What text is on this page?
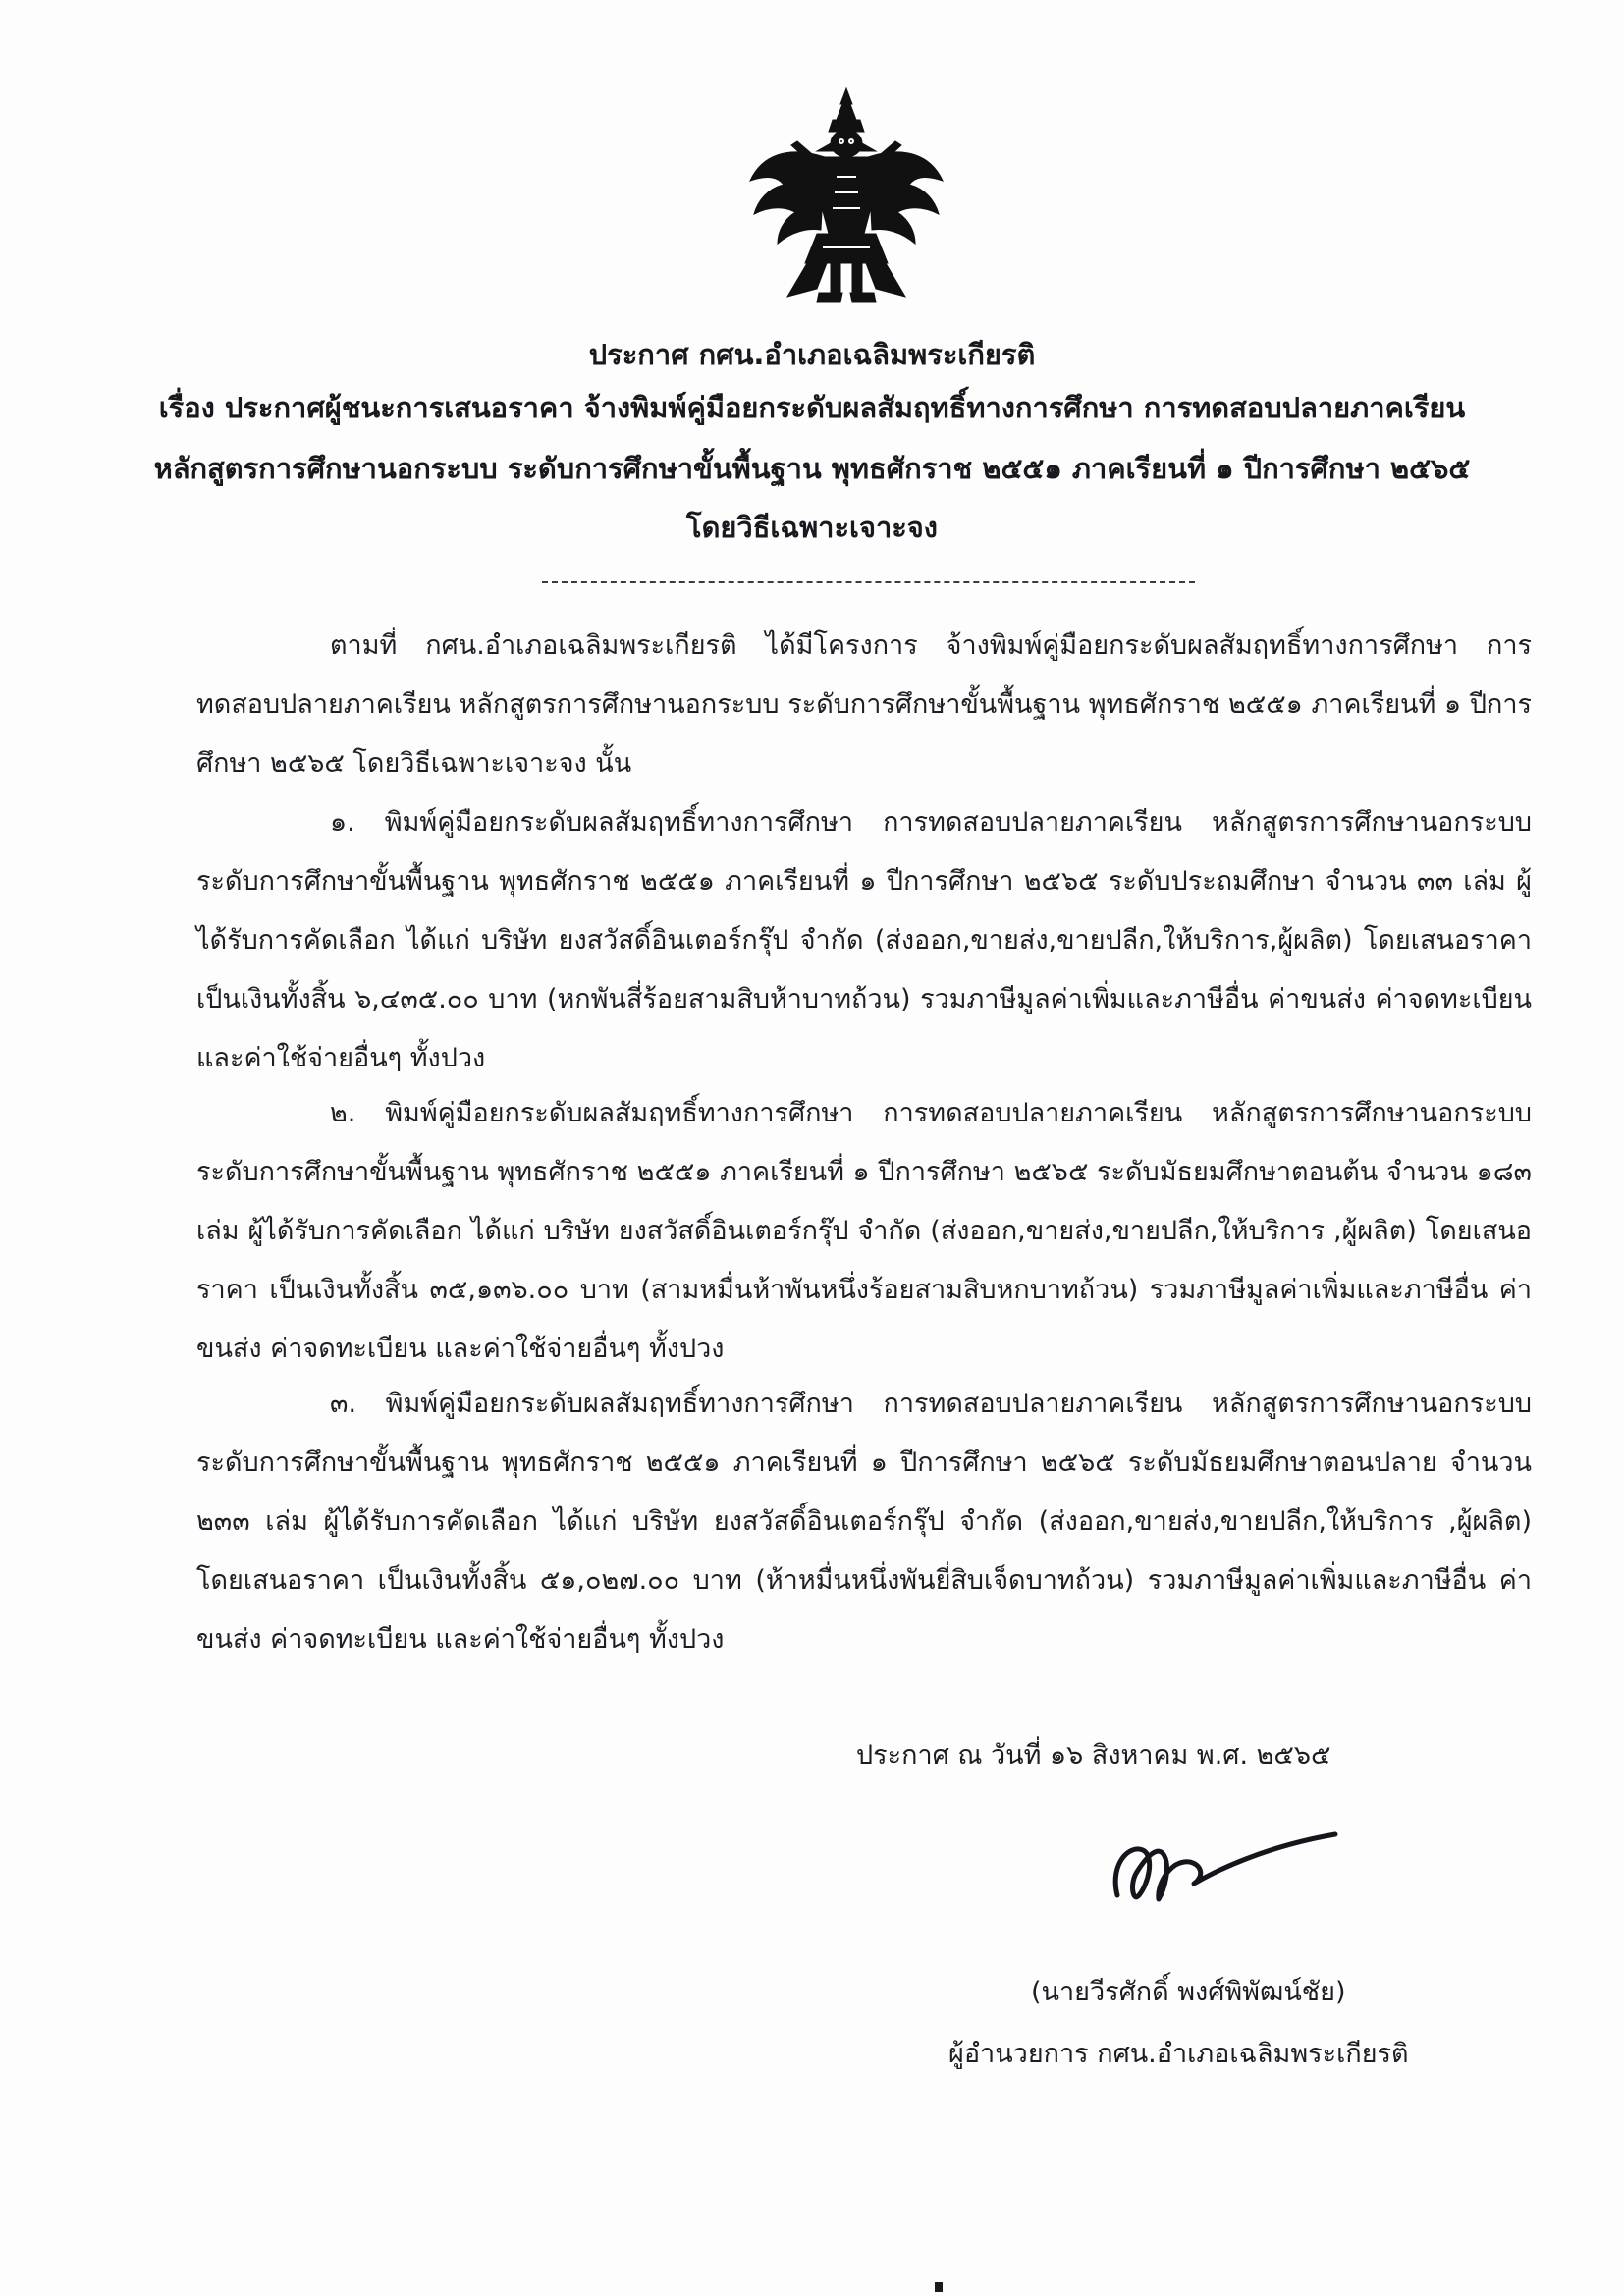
ประกาศ กศน.อำเภอเฉลิมพระเกียรติ
เรื่อง ประกาศผู้ชนะการเสนอราคา จ้างพิมพ์คู่มือยกระดับผลสัมฤทธิ์ทางการศึกษา การทดสอบปลายภาคเรียน
หลักสูตรการศึกษานอกระบบ ระดับการศึกษาขั้นพื้นฐาน พุทธศักราช ๒๕๕๑ ภาคเรียนที่ ๑ ปีการศึกษา ๒๕๖๕
โดยวิธีเฉพาะเจาะจง

ตามที่ กศน.อำเภอเฉลิมพระเกียรติ ได้มีโครงการ จ้างพิมพ์คู่มือยกระดับผลสัมฤทธิ์ทางการศึกษา การทดสอบปลายภาคเรียน หลักสูตรการศึกษานอกระบบ ระดับการศึกษาขั้นพื้นฐาน พุทธศักราช ๒๕๕๑ ภาคเรียนที่ ๑ ปีการศึกษา ๒๕๖๕ โดยวิธีเฉพาะเจาะจง นั้น

๑. พิมพ์คู่มือยกระดับผลสัมฤทธิ์ทางการศึกษา การทดสอบปลายภาคเรียน หลักสูตรการศึกษานอกระบบ ระดับการศึกษาขั้นพื้นฐาน พุทธศักราช ๒๕๕๑ ภาคเรียนที่ ๑ ปีการศึกษา ๒๕๖๕ ระดับประถมศึกษา จำนวน ๓๓ เล่ม ผู้ได้รับการคัดเลือก ได้แก่ บริษัท ยงสวัสดิ์อินเตอร์กรุ๊ป จำกัด (ส่งออก,ขายส่ง,ขายปลีก,ให้บริการ,ผู้ผลิต) โดยเสนอราคา เป็นเงินทั้งสิ้น ๖,๔๓๕.๐๐ บาท (หกพันสี่ร้อยสามสิบห้าบาทถ้วน) รวมภาษีมูลค่าเพิ่มและภาษีอื่น ค่าขนส่ง ค่าจดทะเบียน และค่าใช้จ่ายอื่นๆ ทั้งปวง

๒. พิมพ์คู่มือยกระดับผลสัมฤทธิ์ทางการศึกษา การทดสอบปลายภาคเรียน หลักสูตรการศึกษานอกระบบ ระดับการศึกษาขั้นพื้นฐาน พุทธศักราช ๒๕๕๑ ภาคเรียนที่ ๑ ปีการศึกษา ๒๕๖๕ ระดับมัธยมศึกษาตอนต้น จำนวน ๑๘๓ เล่ม ผู้ได้รับการคัดเลือก ได้แก่ บริษัท ยงสวัสดิ์อินเตอร์กรุ๊ป จำกัด (ส่งออก,ขายส่ง,ขายปลีก,ให้บริการ ,ผู้ผลิต) โดยเสนอราคา เป็นเงินทั้งสิ้น ๓๕,๑๓๖.๐๐ บาท (สามหมื่นห้าพันหนึ่งร้อยสามสิบหกบาทถ้วน) รวมภาษีมูลค่าเพิ่มและภาษีอื่น ค่าขนส่ง ค่าจดทะเบียน และค่าใช้จ่ายอื่นๆ ทั้งปวง

๓. พิมพ์คู่มือยกระดับผลสัมฤทธิ์ทางการศึกษา การทดสอบปลายภาคเรียน หลักสูตรการศึกษานอกระบบ ระดับการศึกษาขั้นพื้นฐาน พุทธศักราช ๒๕๕๑ ภาคเรียนที่ ๑ ปีการศึกษา ๒๕๖๕ ระดับมัธยมศึกษาตอนปลาย จำนวน ๒๓๓ เล่ม ผู้ได้รับการคัดเลือก ได้แก่ บริษัท ยงสวัสดิ์อินเตอร์กรุ๊ป จำกัด (ส่งออก,ขายส่ง,ขายปลีก,ให้บริการ ,ผู้ผลิต) โดยเสนอราคา เป็นเงินทั้งสิ้น ๕๑,๐๒๗.๐๐ บาท (ห้าหมื่นหนึ่งพันยี่สิบเจ็ดบาทถ้วน) รวมภาษีมูลค่าเพิ่มและภาษีอื่น ค่าขนส่ง ค่าจดทะเบียน และค่าใช้จ่ายอื่นๆ ทั้งปวง

ประกาศ ณ วันที่ ๑๖ สิงหาคม พ.ศ. ๒๕๖๕
(นายวีรศักดิ์ พงศ์พิพัฒน์ชัย)
ผู้อำนวยการ กศน.อำเภอเฉลิมพระเกียรติ
